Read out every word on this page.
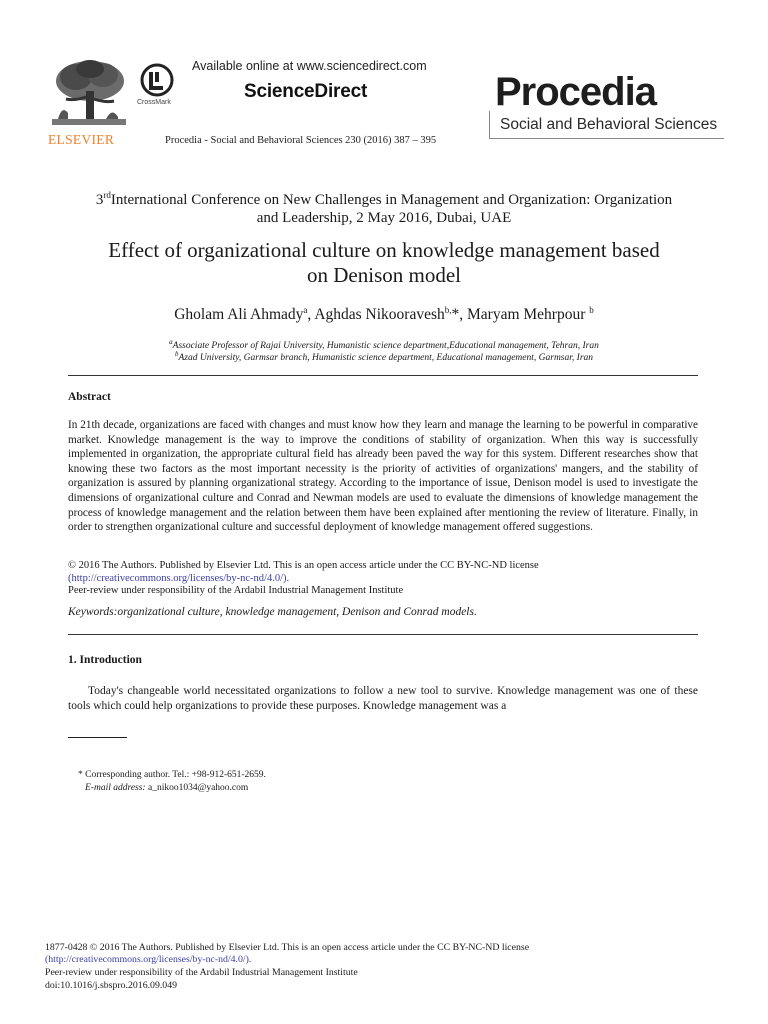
ELSEVIER
CrossMark
Available online at www.sciencedirect.com
ScienceDirect
Procedia - Social and Behavioral Sciences 230 (2016) 387 – 395
Procedia
Social and Behavioral Sciences
3rdInternational Conference on New Challenges in Management and Organization: Organization
and Leadership, 2 May 2016, Dubai, UAE
Effect of organizational culture on knowledge management based
on Denison model
Gholam Ali Ahmady$^a$, Aghdas Nikooravesh$^{b,}$*, Maryam Mehrpour $^b$
$^a$Associate Professor of Rajai University, Humanistic science department,Educational management, Tehran, Iran
$^b$Azad University, Garmsar branch, Humanistic science department, Educational management, Garmsar, Iran
Abstract
In 21th decade, organizations are faced with changes and must know how they learn and manage the learning to be powerful in comparative market. Knowledge management is the way to improve the conditions of stability of organization. When this way is successfully implemented in organization, the appropriate cultural field has already been paved the way for this system. Different researches show that knowing these two factors as the most important necessity is the priority of activities of organizations' mangers, and the stability of organization is assured by planning organizational strategy. According to the importance of issue, Denison model is used to investigate the dimensions of organizational culture and Conrad and Newman models are used to evaluate the dimensions of knowledge management the process of knowledge management and the relation between them have been explained after mentioning the review of literature. Finally, in order to strengthen organizational culture and successful deployment of knowledge management offered suggestions.
© 2016 The Authors. Published by Elsevier Ltd. This is an open access article under the CC BY-NC-ND license
(http://creativecommons.org/licenses/by-nc-nd/4.0/).
Peer-review under responsibility of the Ardabil Industrial Management Institute
Keywords:organizational culture, knowledge management, Denison and Conrad models.
1. Introduction
Today's changeable world necessitated organizations to follow a new tool to survive. Knowledge management was one of these tools which could help organizations to provide these purposes. Knowledge management was a
* Corresponding author. Tel.: +98-912-651-2659.
E-mail address: a_nikoo1034@yahoo.com
1877-0428 © 2016 The Authors. Published by Elsevier Ltd. This is an open access article under the CC BY-NC-ND license
(http://creativecommons.org/licenses/by-nc-nd/4.0/).
Peer-review under responsibility of the Ardabil Industrial Management Institute
doi:10.1016/j.sbspro.2016.09.049
